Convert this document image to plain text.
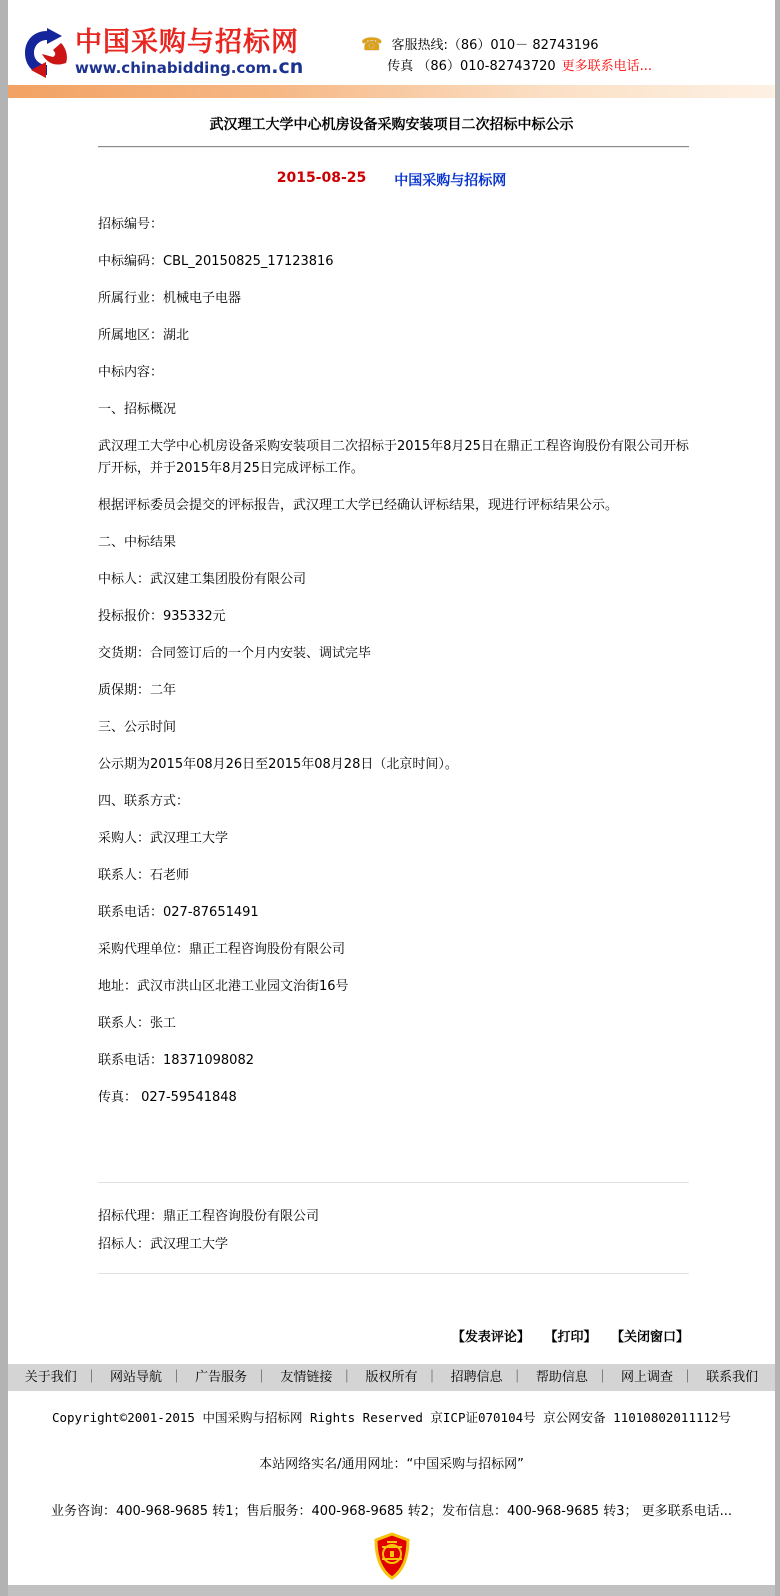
中国采购与招标网
www.chinabidding.com.cn
☎ 客服热线:（86）010－ 82743196
传真 （86）010-82743720 更多联系电话...
武汉理工大学中心机房设备采购安装项目二次招标中标公示
2015-08-25 中国采购与招标网

招标编号：

中标编码：CBL_20150825_17123816

所属行业：机械电子电器

所属地区：湖北

中标内容：

一、招标概况

武汉理工大学中心机房设备采购安装项目二次招标于2015年8月25日在鼎正工程咨询股份有限公司开标厅开标，并于2015年8月25日完成评标工作。

根据评标委员会提交的评标报告，武汉理工大学已经确认评标结果，现进行评标结果公示。

二、中标结果

中标人：武汉建工集团股份有限公司

投标报价：935332元

交货期：合同签订后的一个月内安装、调试完毕

质保期：二年

三、公示时间

公示期为2015年08月26日至2015年08月28日（北京时间）。

四、联系方式：

采购人：武汉理工大学

联系人：石老师

联系电话：027-87651491

采购代理单位：鼎正工程咨询股份有限公司

地址：武汉市洪山区北港工业园文治街16号

联系人：张工

联系电话：18371098082

传真： 027-59541848

招标代理：鼎正工程咨询股份有限公司

招标人：武汉理工大学

【发表评论】 【打印】 【关闭窗口】
关于我们 ｜ 网站导航 ｜ 广告服务 ｜ 友情链接 ｜ 版权所有 ｜ 招聘信息 ｜ 帮助信息 ｜ 网上调查 ｜ 联系我们
Copyright©2001-2015 中国采购与招标网 Rights Reserved 京ICP证070104号 京公网安备 11010802011112号
本站网络实名/通用网址：“中国采购与招标网”
业务咨询：400-968-9685 转1；售后服务：400-968-9685 转2；发布信息：400-968-9685 转3； 更多联系电话...
